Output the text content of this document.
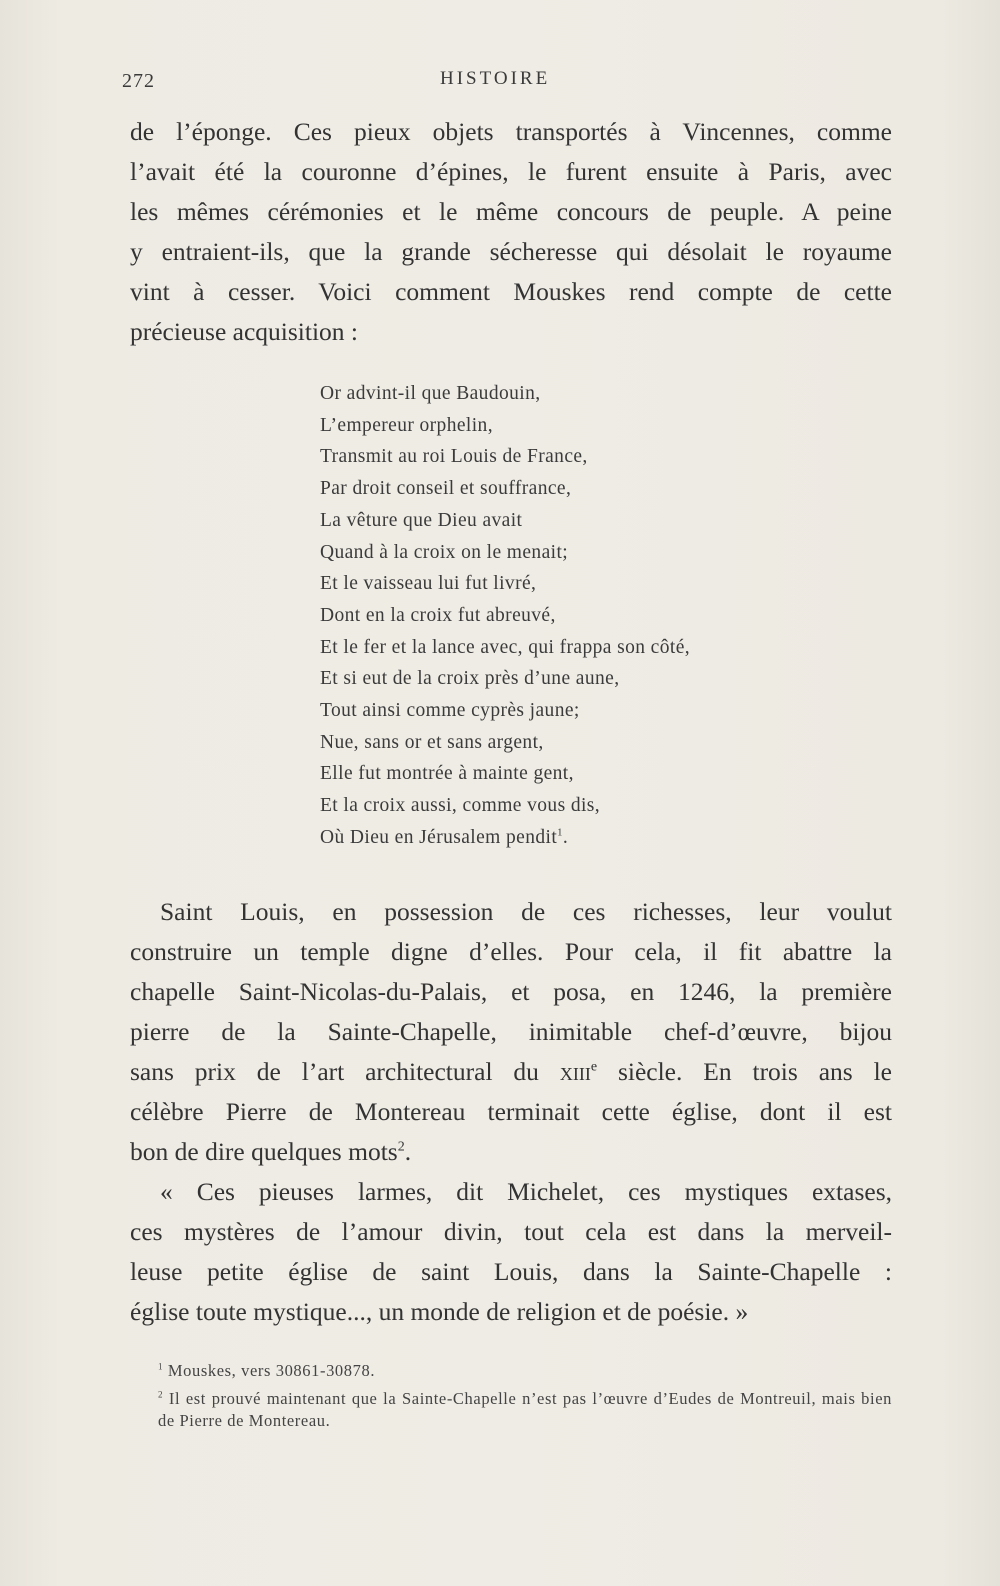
272	HISTOIRE
de l’éponge. Ces pieux objets transportés à Vincennes, comme
l’avait été la couronne d’épines, le furent ensuite à Paris, avec
les mêmes cérémonies et le même concours de peuple. A peine
y entraient-ils, que la grande sécheresse qui désolait le royaume
vint à cesser. Voici comment Mouskes rend compte de cette
précieuse acquisition :
Or advint-il que Baudouin,
L’empereur orphelin,
Transmit au roi Louis de France,
Par droit conseil et souffrance,
La vêture que Dieu avait
Quand à la croix on le menait;
Et le vaisseau lui fut livré,
Dont en la croix fut abreuvé,
Et le fer et la lance avec, qui frappa son côté,
Et si eut de la croix près d’une aune,
Tout ainsi comme cyprès jaune;
Nue, sans or et sans argent,
Elle fut montrée à mainte gent,
Et la croix aussi, comme vous dis,
Où Dieu en Jérusalem pendit$^1$.
Saint Louis, en possession de ces richesses, leur voulut
construire un temple digne d’elles. Pour cela, il fit abattre la
chapelle Saint-Nicolas-du-Palais, et posa, en 1246, la première
pierre de la Sainte-Chapelle, inimitable chef-d’œuvre, bijou
sans prix de l’art architectural du xiii$^e$ siècle. En trois ans le
célèbre Pierre de Montereau terminait cette église, dont il est
bon de dire quelques mots$^2$.
« Ces pieuses larmes, dit Michelet, ces mystiques extases,
ces mystères de l’amour divin, tout cela est dans la merveil-
leuse petite église de saint Louis, dans la Sainte-Chapelle :
église toute mystique..., un monde de religion et de poésie. »
$^1$ Mouskes, vers 30861-30878.
$^2$ Il est prouvé maintenant que la Sainte-Chapelle n’est pas l’œuvre d’Eudes de Montreuil, mais bien de Pierre de Montereau.
